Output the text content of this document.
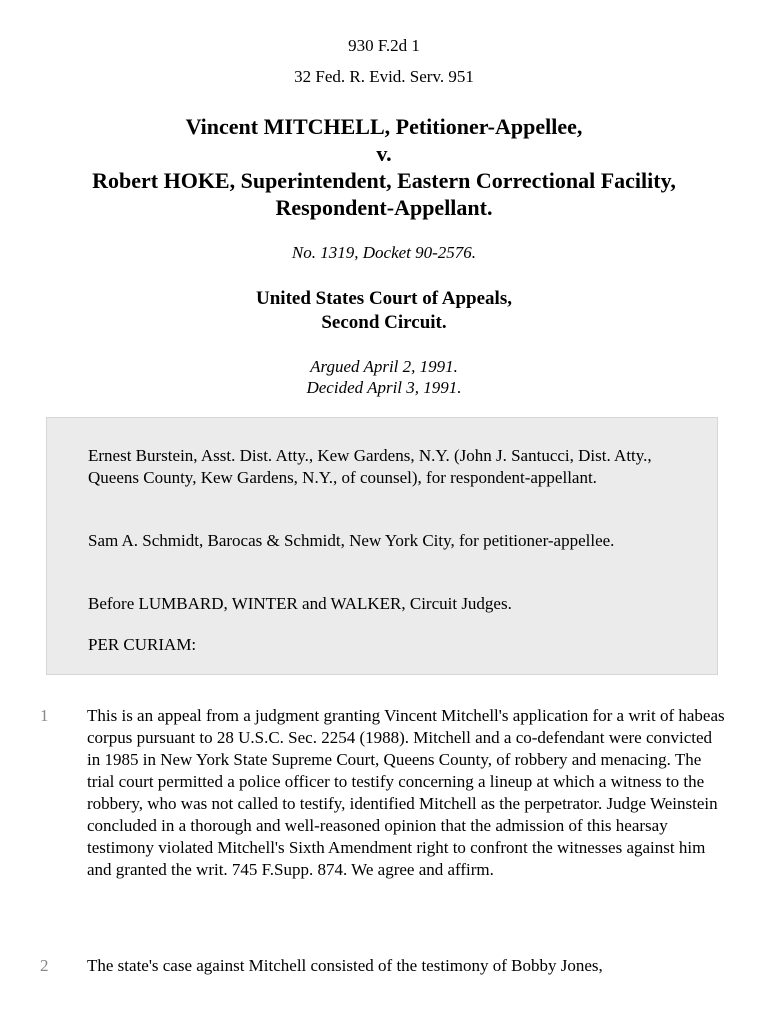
930 F.2d 1
32 Fed. R. Evid. Serv. 951
Vincent MITCHELL, Petitioner-Appellee,
v.
Robert HOKE, Superintendent, Eastern Correctional Facility,
Respondent-Appellant.
No. 1319, Docket 90-2576.
United States Court of Appeals,
Second Circuit.
Argued April 2, 1991.
Decided April 3, 1991.

Ernest Burstein, Asst. Dist. Atty., Kew Gardens, N.Y. (John J. Santucci, Dist. Atty., Queens County, Kew Gardens, N.Y., of counsel), for respondent-appellant.

Sam A. Schmidt, Barocas & Schmidt, New York City, for petitioner-appellee.

Before LUMBARD, WINTER and WALKER, Circuit Judges.

PER CURIAM:

1	This is an appeal from a judgment granting Vincent Mitchell's application for a writ of habeas corpus pursuant to 28 U.S.C. Sec. 2254 (1988). Mitchell and a co-defendant were convicted in 1985 in New York State Supreme Court, Queens County, of robbery and menacing. The trial court permitted a police officer to testify concerning a lineup at which a witness to the robbery, who was not called to testify, identified Mitchell as the perpetrator. Judge Weinstein concluded in a thorough and well-reasoned opinion that the admission of this hearsay testimony violated Mitchell's Sixth Amendment right to confront the witnesses against him and granted the writ. 745 F.Supp. 874. We agree and affirm.

2	The state's case against Mitchell consisted of the testimony of Bobby Jones,
